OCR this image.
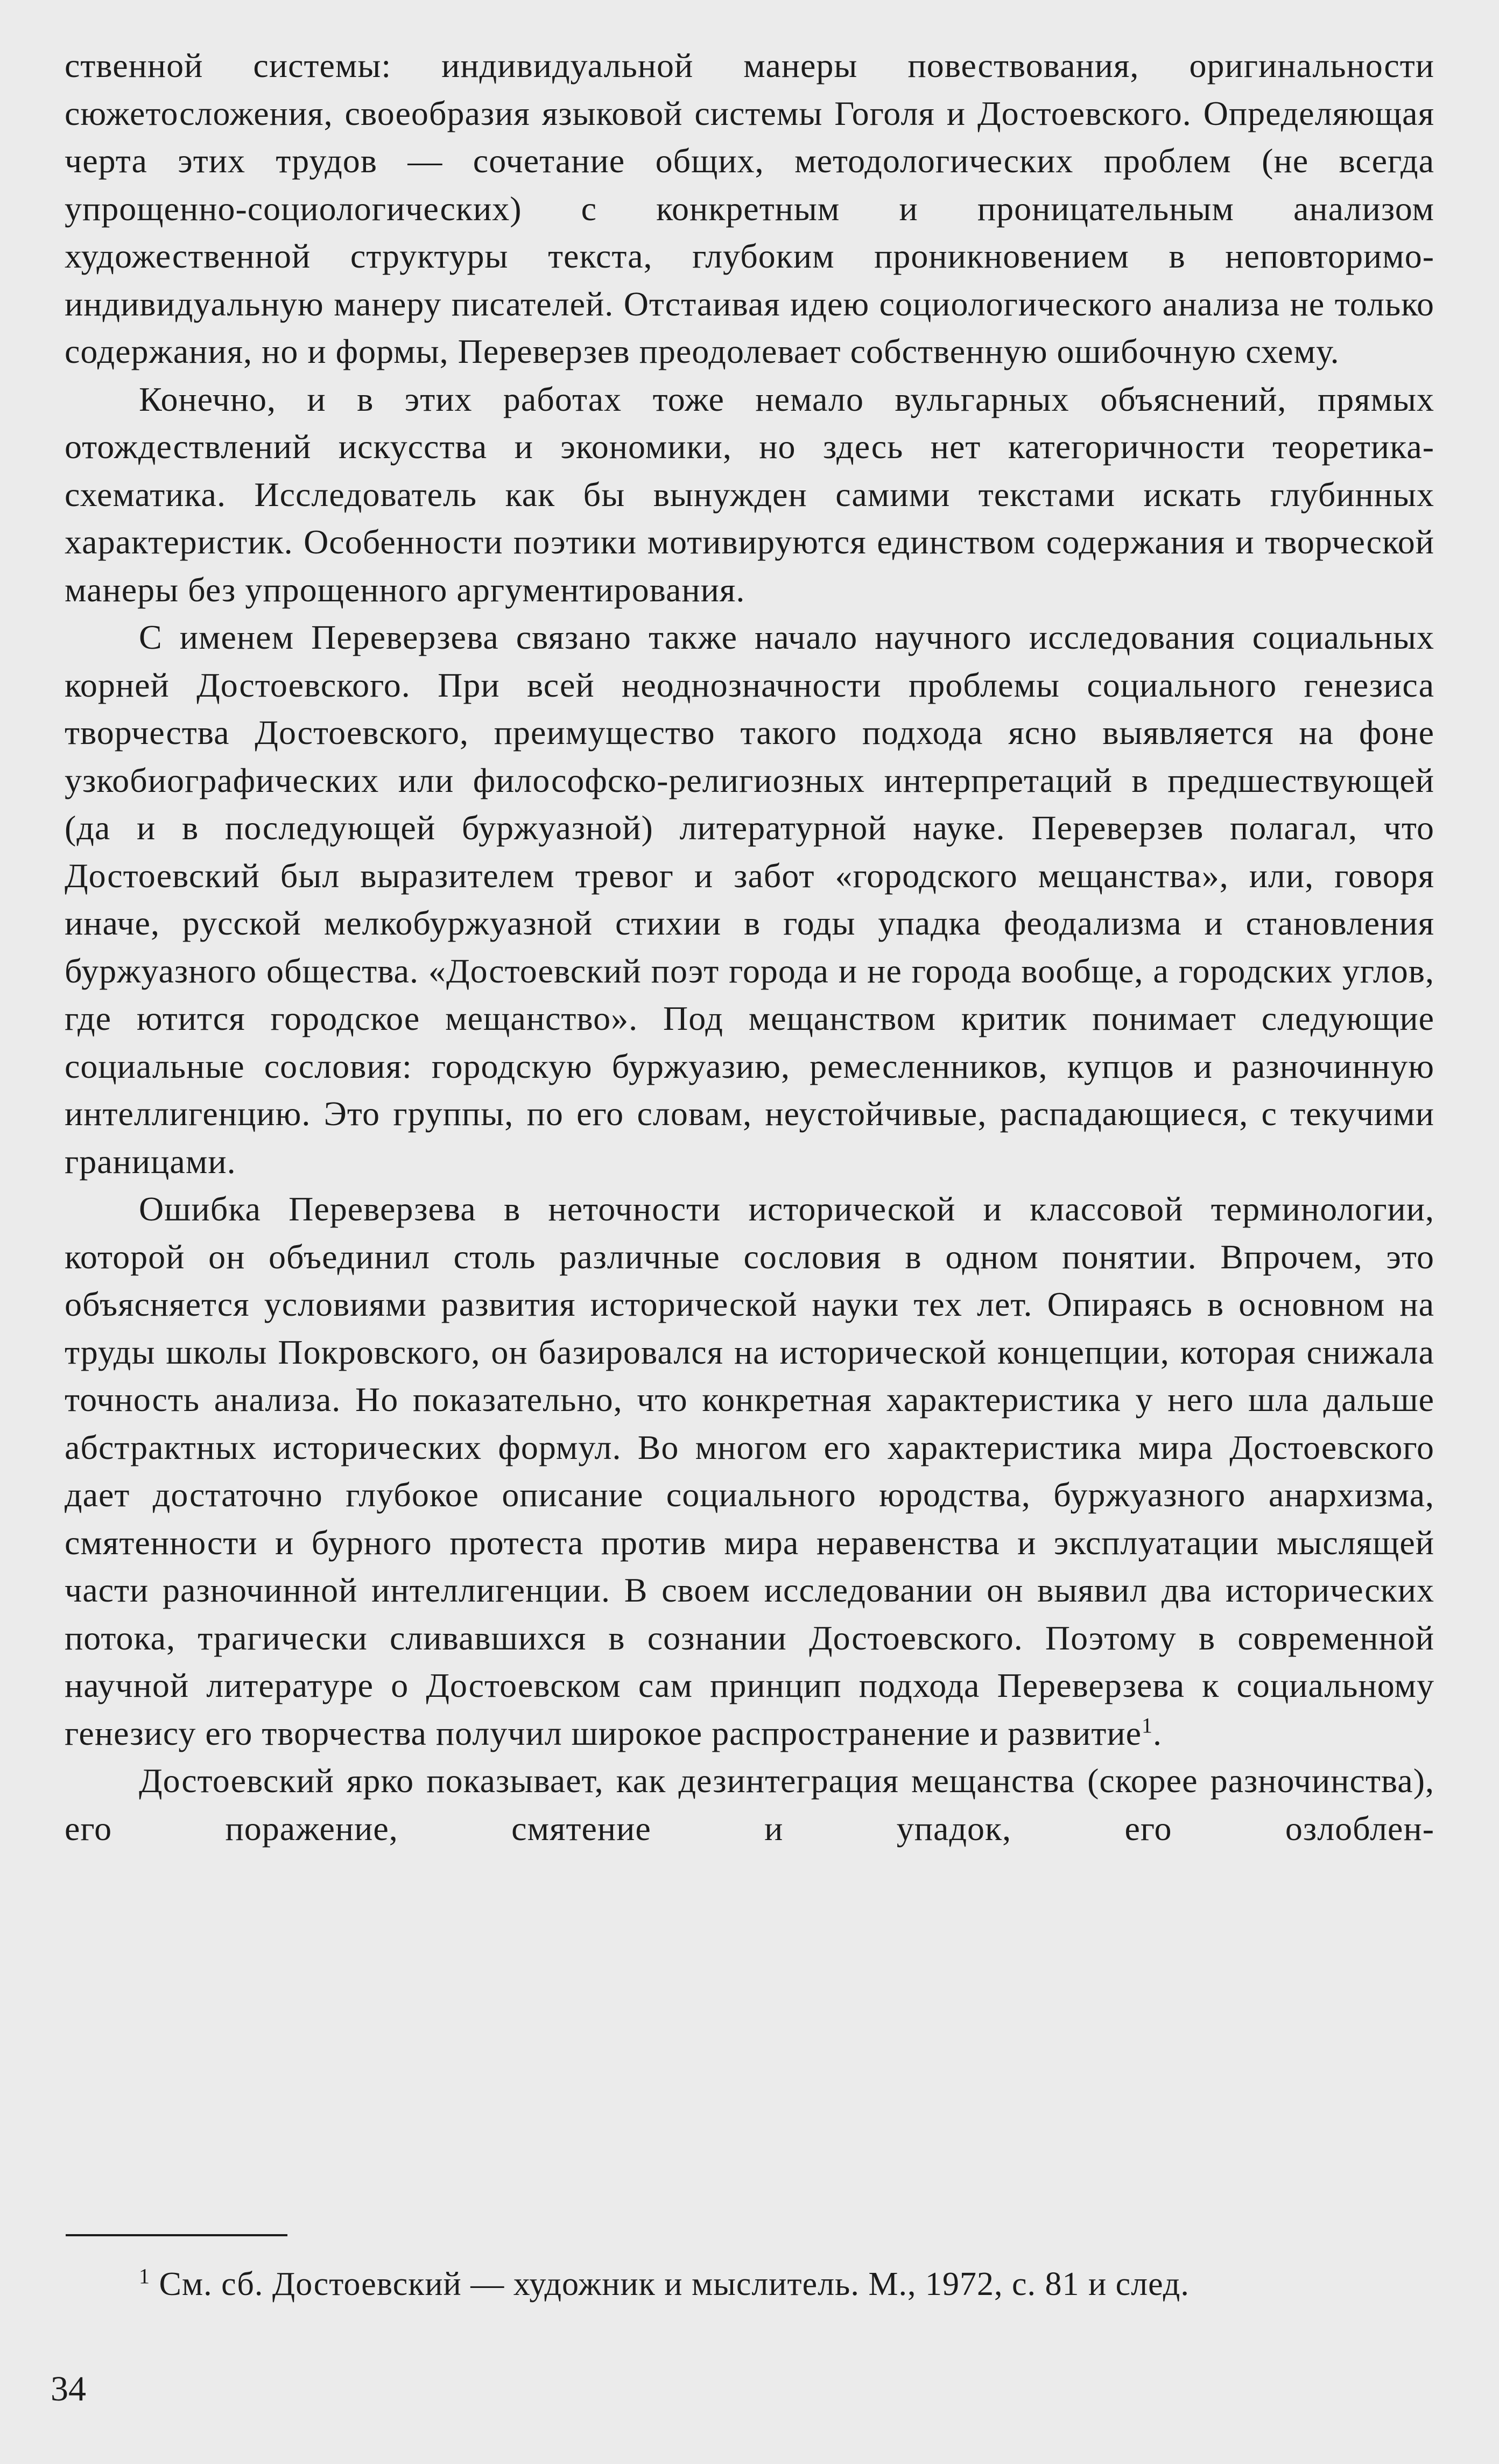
ственной системы: индивидуальной манеры повествования, оригинальности сюжетосложения, своеобразия языковой системы Гоголя и Достоевского. Определяющая черта этих трудов — сочетание общих, методологических проблем (не всегда упрощенно-социологических) с конкретным и проницательным анализом художественной структуры текста, глубоким проникновением в неповторимо-индивидуальную манеру писателей. Отстаивая идею социологического анализа не только содержания, но и формы, Переверзев преодолевает собственную ошибочную схему.

Конечно, и в этих работах тоже немало вульгарных объяснений, прямых отождествлений искусства и экономики, но здесь нет категоричности теоретика-схематика. Исследователь как бы вынужден самими текстами искать глубинных характеристик. Особенности поэтики мотивируются единством содержания и творческой манеры без упрощенного аргументирования.

С именем Переверзева связано также начало научного исследования социальных корней Достоевского. При всей неоднозначности проблемы социального генезиса творчества Достоевского, преимущество такого подхода ясно выявляется на фоне узкобиографических или философско-религиозных интерпретаций в предшествующей (да и в последующей буржуазной) литературной науке. Переверзев полагал, что Достоевский был выразителем тревог и забот «городского мещанства», или, говоря иначе, русской мелкобуржуазной стихии в годы упадка феодализма и становления буржуазного общества. «Достоевский поэт города и не города вообще, а городских углов, где ютится городское мещанство». Под мещанством критик понимает следующие социальные сословия: городскую буржуазию, ремесленников, купцов и разночинную интеллигенцию. Это группы, по его словам, неустойчивые, распадающиеся, с текучими границами.

Ошибка Переверзева в неточности исторической и классовой терминологии, которой он объединил столь различные сословия в одном понятии. Впрочем, это объясняется условиями развития исторической науки тех лет. Опираясь в основном на труды школы Покровского, он базировался на исторической концепции, которая снижала точность анализа. Но показательно, что конкретная характеристика у него шла дальше абстрактных исторических формул. Во многом его характеристика мира Достоевского дает достаточно глубокое описание социального юродства, буржуазного анархизма, смятенности и бурного протеста против мира неравенства и эксплуатации мыслящей части разночинной интеллигенции. В своем исследовании он выявил два исторических потока, трагически сливавшихся в сознании Достоевского. Поэтому в современной научной литературе о Достоевском сам принцип подхода Переверзева к социальному генезису его творчества получил широкое распространение и развитие$^1$.

Достоевский ярко показывает, как дезинтеграция мещанства (скорее разночинства), его поражение, смятение и упадок, его озлоблен-

$^1$ См. сб. Достоевский — художник и мыслитель. М., 1972, с. 81 и след.

34
